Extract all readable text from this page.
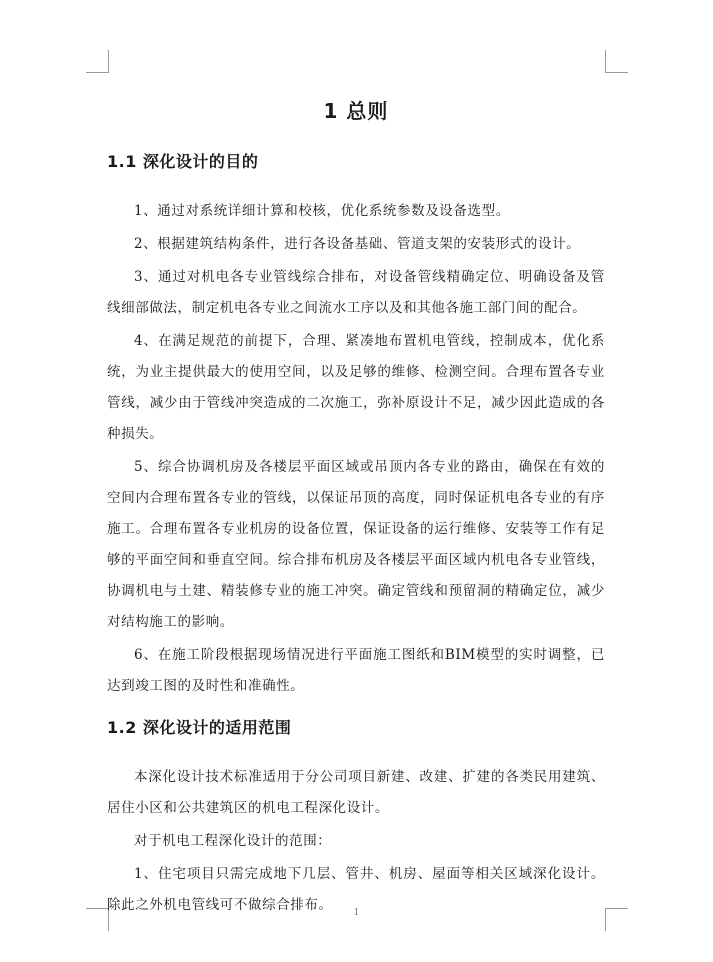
1 总则
1.1 深化设计的目的

1、通过对系统详细计算和校核，优化系统参数及设备选型。

2、根据建筑结构条件，进行各设备基础、管道支架的安装形式的设计。

3、通过对机电各专业管线综合排布，对设备管线精确定位、明确设备及管线细部做法，制定机电各专业之间流水工序以及和其他各施工部门间的配合。

4、在满足规范的前提下，合理、紧凑地布置机电管线，控制成本，优化系统，为业主提供最大的使用空间，以及足够的维修、检测空间。合理布置各专业管线，减少由于管线冲突造成的二次施工，弥补原设计不足，减少因此造成的各种损失。

5、综合协调机房及各楼层平面区域或吊顶内各专业的路由，确保在有效的空间内合理布置各专业的管线，以保证吊顶的高度，同时保证机电各专业的有序施工。合理布置各专业机房的设备位置，保证设备的运行维修、安装等工作有足够的平面空间和垂直空间。综合排布机房及各楼层平面区域内机电各专业管线，协调机电与土建、精装修专业的施工冲突。确定管线和预留洞的精确定位，减少对结构施工的影响。

6、在施工阶段根据现场情况进行平面施工图纸和BIM模型的实时调整，已达到竣工图的及时性和准确性。

1.2 深化设计的适用范围

本深化设计技术标准适用于分公司项目新建、改建、扩建的各类民用建筑、居住小区和公共建筑区的机电工程深化设计。

对于机电工程深化设计的范围：

1、住宅项目只需完成地下几层、管井、机房、屋面等相关区域深化设计。除此之外机电管线可不做综合排布。	1
